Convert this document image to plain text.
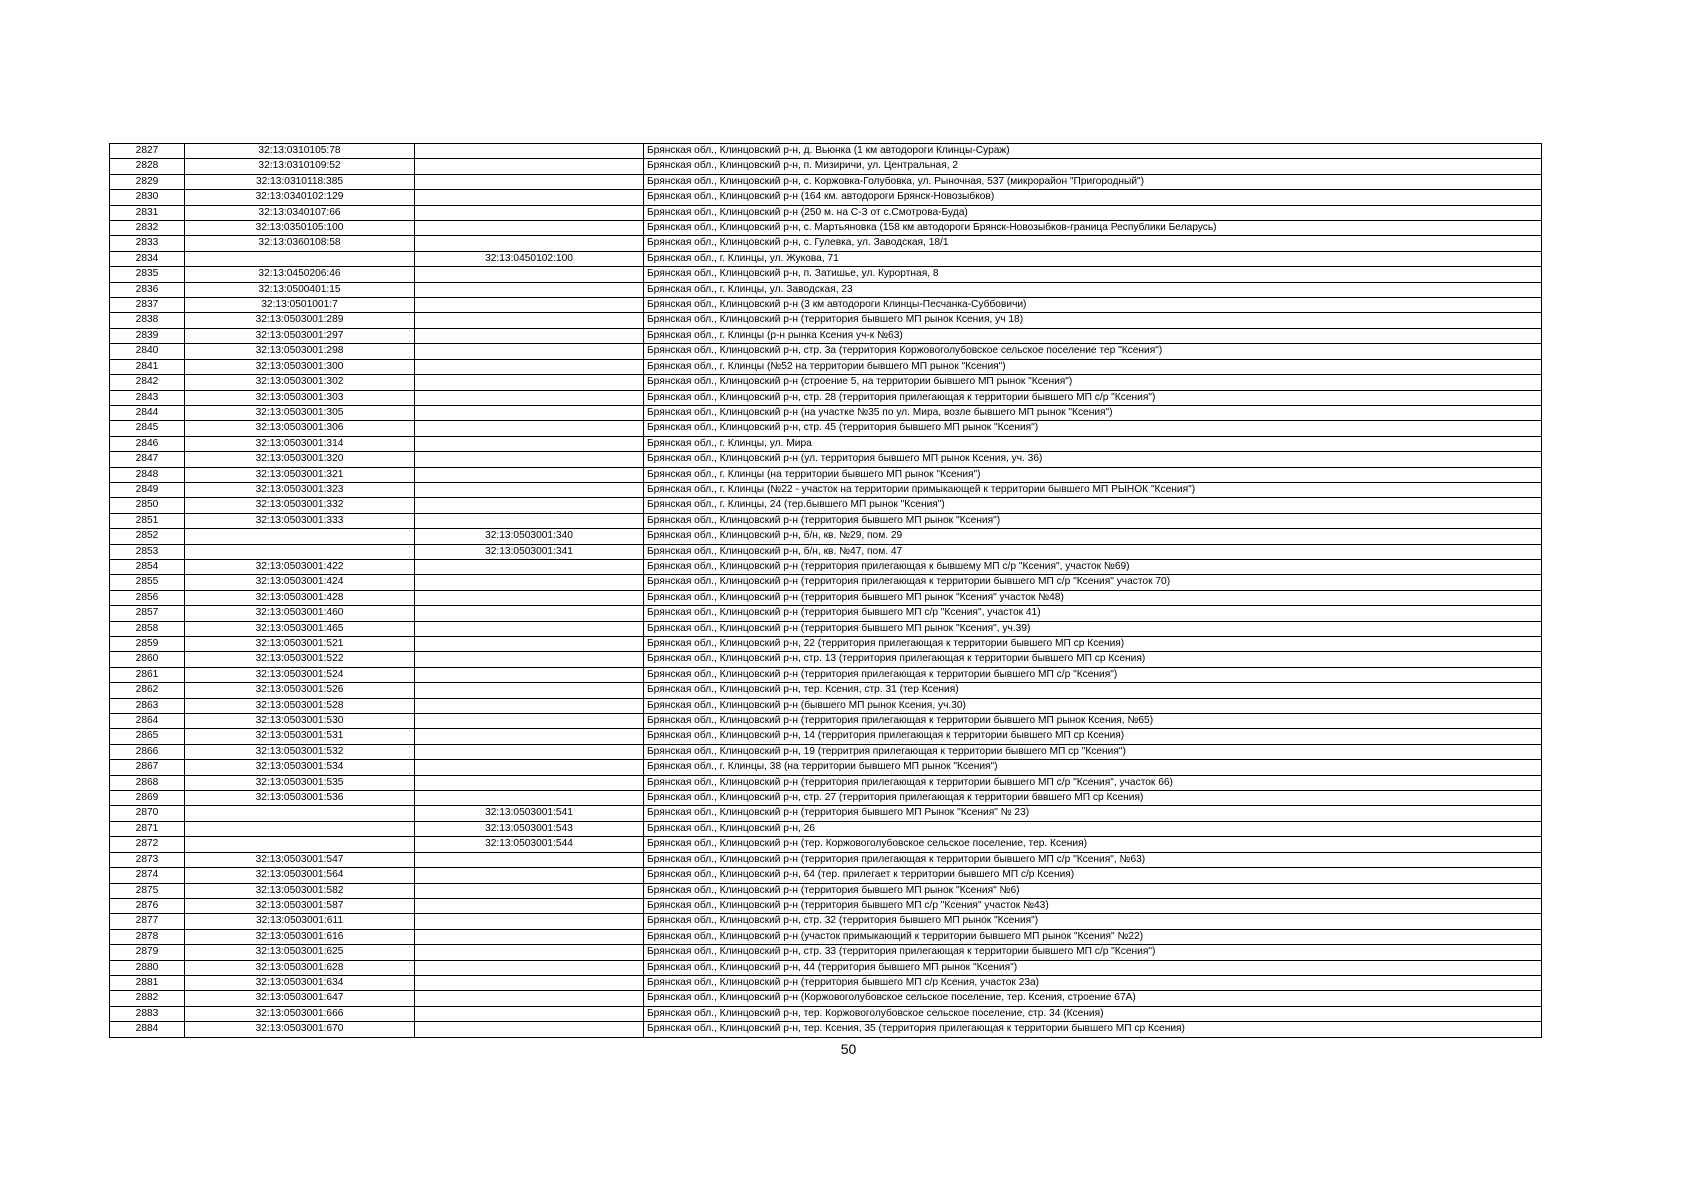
2827	32:13:0310105:78		Брянская обл., Клинцовский р-н, д. Вьюнка (1 км автодороги Клинцы-Сураж)
2828	32:13:0310109:52		Брянская обл., Клинцовский р-н, п. Мизиричи, ул. Центральная, 2
2829	32:13:0310118:385		Брянская обл., Клинцовский р-н, с. Коржовка-Голубовка, ул. Рыночная, 537 (микрорайон "Пригородный")
2830	32:13:0340102:129		Брянская обл., Клинцовский р-н (164 км. автодороги Брянск-Новозыбков)
2831	32:13:0340107:66		Брянская обл., Клинцовский р-н (250 м. на С-З от с.Смотрова-Буда)
2832	32:13:0350105:100		Брянская обл., Клинцовский р-н, с. Мартьяновка (158 км автодороги Брянск-Новозыбков-граница Республики Беларусь)
2833	32:13:0360108:58		Брянская обл., Клинцовский р-н, с. Гулевка, ул. Заводская, 18/1
2834		32:13:0450102:100	Брянская обл., г. Клинцы, ул. Жукова, 71
2835	32:13:0450206:46		Брянская обл., Клинцовский р-н, п. Затишье, ул. Курортная, 8
2836	32:13:0500401:15		Брянская обл., г. Клинцы, ул. Заводская, 23
2837	32:13:0501001:7		Брянская обл., Клинцовский р-н (3 км автодороги Клинцы-Песчанка-Суббовичи)
2838	32:13:0503001:289		Брянская обл., Клинцовский р-н (территория бывшего МП рынок Ксения, уч 18)
2839	32:13:0503001:297		Брянская обл., г. Клинцы (р-н рынка Ксения уч-к №63)
2840	32:13:0503001:298		Брянская обл., Клинцовский р-н, стр. 3а (территория Коржовоголубовское сельское поселение тер "Ксения")
2841	32:13:0503001:300		Брянская обл., г. Клинцы (№52 на территории бывшего МП рынок "Ксения")
2842	32:13:0503001:302		Брянская обл., Клинцовский р-н (строение 5, на территории бывшего МП рынок "Ксения")
2843	32:13:0503001:303		Брянская обл., Клинцовский р-н, стр. 28 (территория прилегающая к территории бывшего МП с/р "Ксения")
2844	32:13:0503001:305		Брянская обл., Клинцовский р-н (на участке №35 по ул. Мира, возле бывшего МП рынок "Ксения")
2845	32:13:0503001:306		Брянская обл., Клинцовский р-н, стр. 45 (территория бывшего МП рынок "Ксения")
2846	32:13:0503001:314		Брянская обл., г. Клинцы, ул. Мира
2847	32:13:0503001:320		Брянская обл., Клинцовский р-н (ул. территория бывшего МП рынок Ксения, уч. 36)
2848	32:13:0503001:321		Брянская обл., г. Клинцы (на территории бывшего МП рынок "Ксения")
2849	32:13:0503001:323		Брянская обл., г. Клинцы (№22 - участок на территории примыкающей к территории бывшего МП РЫНОК "Ксения")
2850	32:13:0503001:332		Брянская обл., г. Клинцы, 24 (тер.бывшего МП рынок "Ксения")
2851	32:13:0503001:333		Брянская обл., Клинцовский р-н (территория бывшего МП рынок "Ксения")
2852		32:13:0503001:340	Брянская обл., Клинцовский р-н, б/н, кв. №29, пом. 29
2853		32:13:0503001:341	Брянская обл., Клинцовский р-н, б/н, кв. №47, пом. 47
2854	32:13:0503001:422		Брянская обл., Клинцовский р-н (территория прилегающая к бывшему МП с/р "Ксения", участок №69)
2855	32:13:0503001:424		Брянская обл., Клинцовский р-н (территория прилегающая к территории бывшего МП с/р "Ксения" участок 70)
2856	32:13:0503001:428		Брянская обл., Клинцовский р-н (территория бывшего МП рынок "Ксения" участок №48)
2857	32:13:0503001:460		Брянская обл., Клинцовский р-н (территория бывшего МП с/р "Ксения", участок 41)
2858	32:13:0503001:465		Брянская обл., Клинцовский р-н (территория бывшего МП рынок "Ксения", уч.39)
2859	32:13:0503001:521		Брянская обл., Клинцовский р-н, 22 (территория прилегающая к территории бывшего МП ср Ксения)
2860	32:13:0503001:522		Брянская обл., Клинцовский р-н, стр. 13 (территория прилегающая к территории бывшего МП ср Ксения)
2861	32:13:0503001:524		Брянская обл., Клинцовский р-н (территория прилегающая к территории бывшего МП с/р "Ксения")
2862	32:13:0503001:526		Брянская обл., Клинцовский р-н, тер. Ксения, стр. 31 (тер Ксения)
2863	32:13:0503001:528		Брянская обл., Клинцовский р-н (бывшего МП рынок Ксения, уч.30)
2864	32:13:0503001:530		Брянская обл., Клинцовский р-н (территория прилегающая к территории бывшего МП рынок Ксения, №65)
2865	32:13:0503001:531		Брянская обл., Клинцовский р-н, 14 (территория прилегающая к территории бывшего МП ср Ксения)
2866	32:13:0503001:532		Брянская обл., Клинцовский р-н, 19 (территрия прилегающая к территории бывшего МП ср "Ксения")
2867	32:13:0503001:534		Брянская обл., г. Клинцы, 38 (на территории бывшего МП рынок "Ксения")
2868	32:13:0503001:535		Брянская обл., Клинцовский р-н (территория прилегающая к территории бывшего МП с/р "Ксения", участок 66)
2869	32:13:0503001:536		Брянская обл., Клинцовский р-н, стр. 27 (территория прилегающая к территории бввшего МП ср Ксения)
2870		32:13:0503001:541	Брянская обл., Клинцовский р-н (территория бывшего МП Рынок "Ксения" № 23)
2871		32:13:0503001:543	Брянская обл., Клинцовский р-н, 26
2872		32:13:0503001:544	Брянская обл., Клинцовский р-н (тер. Коржовоголубовское сельское поселение, тер. Ксения)
2873	32:13:0503001:547		Брянская обл., Клинцовский р-н (территория прилегающая к территории бывшего МП с/р "Ксения", №63)
2874	32:13:0503001:564		Брянская обл., Клинцовский р-н, 64 (тер. прилегает к территории бывшего МП с/р Ксения)
2875	32:13:0503001:582		Брянская обл., Клинцовский р-н (территория бывшего МП рынок "Ксения" №6)
2876	32:13:0503001:587		Брянская обл., Клинцовский р-н (территория бывшего МП с/р "Ксения" участок №43)
2877	32:13:0503001:611		Брянская обл., Клинцовский р-н, стр. 32 (территория бывшего МП рынок "Ксения")
2878	32:13:0503001:616		Брянская обл., Клинцовский р-н (участок примыкающий к территории бывшего МП рынок "Ксения" №22)
2879	32:13:0503001:625		Брянская обл., Клинцовский р-н, стр. 33 (территория прилегающая к территории бывшего МП с/р "Ксения")
2880	32:13:0503001:628		Брянская обл., Клинцовский р-н, 44 (территория бывшего МП рынок "Ксения")
2881	32:13:0503001:634		Брянская обл., Клинцовский р-н (территория бывшего МП с/р Ксения, участок 23а)
2882	32:13:0503001:647		Брянская обл., Клинцовский р-н (Коржовоголубовское сельское поселение, тер. Ксения, строение 67А)
2883	32:13:0503001:666		Брянская обл., Клинцовский р-н, тер. Коржовоголубовское сельское поселение, стр. 34 (Ксения)
2884	32:13:0503001:670		Брянская обл., Клинцовский р-н, тер. Ксения, 35 (территория прилегающая к территории бывшего МП ср Ксения)
50
